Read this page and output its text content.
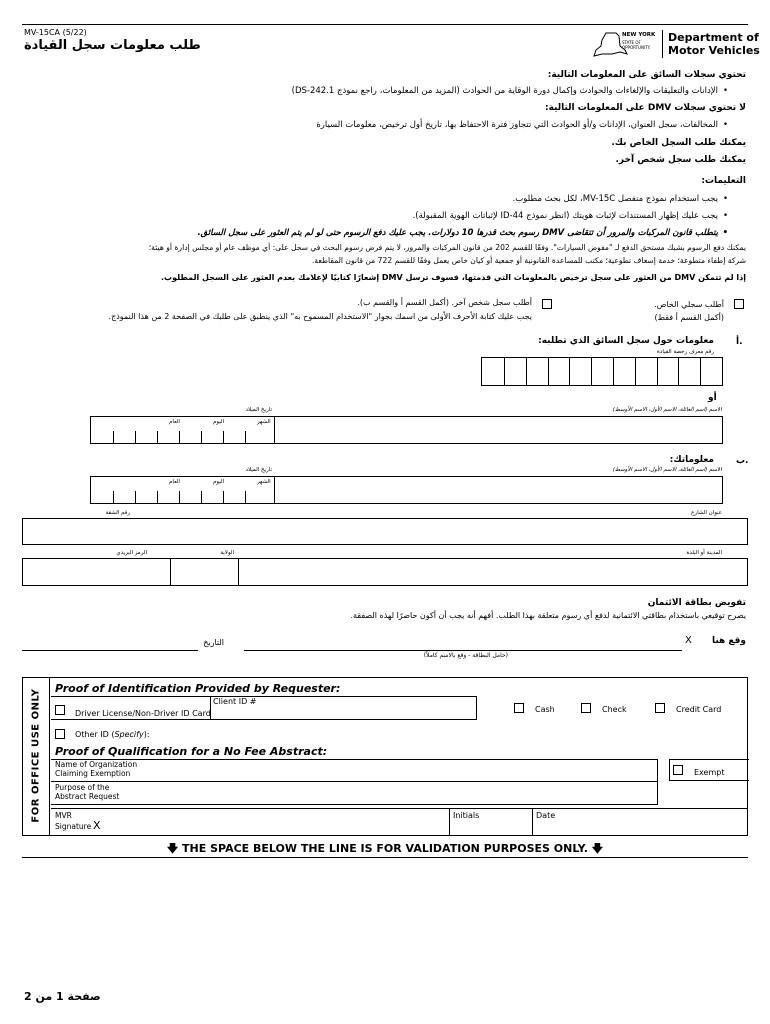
MV-15CA (5/22)
طلب معلومات سجل القيادة
NEW YORK
STATE OF
OPPORTUNITY.
Department of
Motor Vehicles
تحتوي سجلات السائق على المعلومات التالية:
• الإدانات والتعليقات والإلغاءات والحوادث وإكمال دورة الوقاية من الحوادث (المزيد من المعلومات، راجع نموذج DS-242.1)
لا تحتوي سجلات DMV على المعلومات التالية:
• المخالفات، سجل العنوان، الإدانات و/أو الحوادث التي تتجاوز فترة الاحتفاظ بها، تاريخ أول ترخيص، معلومات السيارة
يمكنك طلب السجل الخاص بك.
يمكنك طلب سجل شخص آخر.
التعليمات:
• يجب استخدام نموذج منفصل MV-15C، لكل بحث مطلوب.
• يجب عليك إظهار المستندات لإثبات هويتك (انظر نموذج ID-44 لإثباتات الهوية المقبولة).
• يتطلب قانون المركبات والمرور أن تتقاضى DMV رسوم بحث قدرها 10 دولارات. يجب عليك دفع الرسوم حتى لو لم يتم العثور على سجل السائق.
يمكنك دفع الرسوم بشيك مستحق الدفع لـ "مفوض السيارات". وفقًا للقسم 202 من قانون المركبات والمرور، لا يتم فرض رسوم البحث في سجل على: أي موظف عام أو مجلس إدارة أو هيئة؛
شركة إطفاء متطوعة؛ خدمة إسعاف تطوعية؛ مكتب للمساعدة القانونية أو جمعية أو كيان خاص يعمل وفقًا للقسم 722 من قانون المقاطعة.
إذا لم تتمكن DMV من العثور على سجل ترخيص بالمعلومات التي قدمتها، فسوف ترسل DMV إشعارًا كتابيًا لإعلامك بعدم العثور على السجل المطلوب.
أطلب سجلي الخاص.
(أكمل القسم أ فقط)
أطلب سجل شخص آخر. (أكمل القسم أ والقسم ب).
يجب عليك كتابة الأحرف الأولى من اسمك بجوار "الاستخدام المسموح به" الذي ينطبق على طلبك في الصفحة 2 من هذا النموذج.
أ.
معلومات حول سجل السائق الذي تطلبه:
رقم معرف رخصة القيادة
أو
الاسم (اسم العائلة، الاسم الأول، الاسم الأوسط)
تاريخ الميلاد
العام	اليوم	الشهر
ب.
معلوماتك:
الاسم (اسم العائلة، الاسم الأول، الاسم الأوسط)
تاريخ الميلاد
العام	اليوم	الشهر
عنوان الشارع
رقم الشقة
المدينة أو البلدة
الولاية
الرمز البريدي
تفويض بطاقة الائتمان
يصرح توقيعي باستخدام بطاقتي الائتمانية لدفع أي رسوم متعلقة بهذا الطلب. أفهم أنه يجب أن أكون حاضرًا لهذه الصفقة.
وقع هنا
X
(حامل البطاقة - وقع بالاسم كاملاً)
التاريخ
FOR OFFICE USE ONLY Proof of Identification Provided by Requester:
Client ID #
Driver License/Non-Driver ID Card
Other ID (Specify):
Cash	Check	Credit Card
Proof of Qualification for a No Fee Abstract:
Name of Organization
Claiming Exemption
Purpose of the
Abstract Request
Exempt
MVR
Signature X
Initials	Date
🡇 THE SPACE BELOW THE LINE IS FOR VALIDATION PURPOSES ONLY. 🡇
صفحة 1 من 2
